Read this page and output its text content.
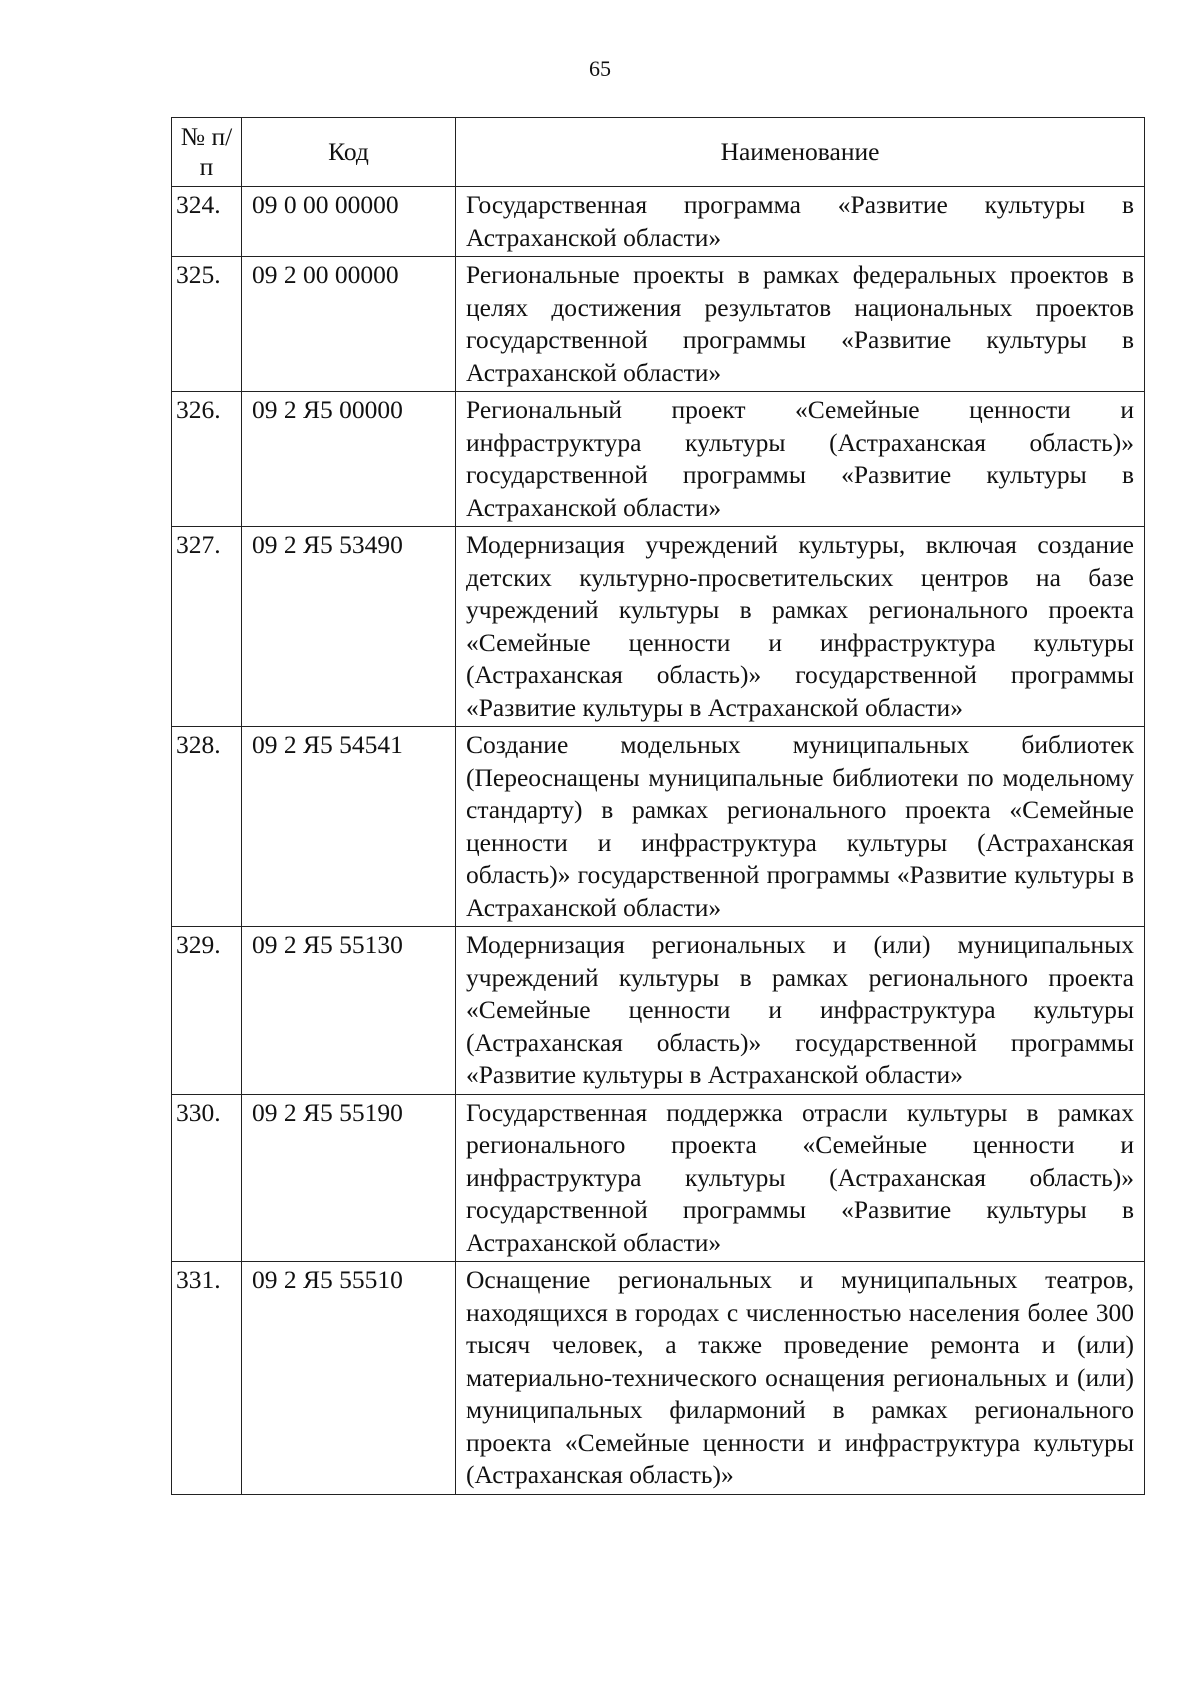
65
№ п/п	Код	Наименование
324.	09 0 00 00000	Государственная программа «Развитие культуры в Астраханской области»
325.	09 2 00 00000	Региональные проекты в рамках федеральных проектов в целях достижения результатов национальных проектов государственной программы «Развитие культуры в Астраханской области»
326.	09 2 Я5 00000	Региональный проект «Семейные ценности и инфраструктура культуры (Астраханская область)» государственной программы «Развитие культуры в Астраханской области»
327.	09 2 Я5 53490	Модернизация учреждений культуры, включая создание детских культурно-просветительских центров на базе учреждений культуры в рамках регионального проекта «Семейные ценности и инфраструктура культуры (Астраханская область)» государственной программы «Развитие культуры в Астраханской области»
328.	09 2 Я5 54541	Создание модельных муниципальных библиотек (Переоснащены муниципальные библиотеки по модельному стандарту) в рамках регионального проекта «Семейные ценности и инфраструктура культуры (Астраханская область)» государственной программы «Развитие культуры в Астраханской области»
329.	09 2 Я5 55130	Модернизация региональных и (или) муниципальных учреждений культуры в рамках регионального проекта «Семейные ценности и инфраструктура культуры (Астраханская область)» государственной программы «Развитие культуры в Астраханской области»
330.	09 2 Я5 55190	Государственная поддержка отрасли культуры в рамках регионального проекта «Семейные ценности и инфраструктура культуры (Астраханская область)» государственной программы «Развитие культуры в Астраханской области»
331.	09 2 Я5 55510	Оснащение региональных и муниципальных театров, находящихся в городах с численностью населения более 300 тысяч человек, а также проведение ремонта и (или) материально-технического оснащения региональных и (или) муниципальных филармоний в рамках регионального проекта «Семейные ценности и инфраструктура культуры (Астраханская область)»
